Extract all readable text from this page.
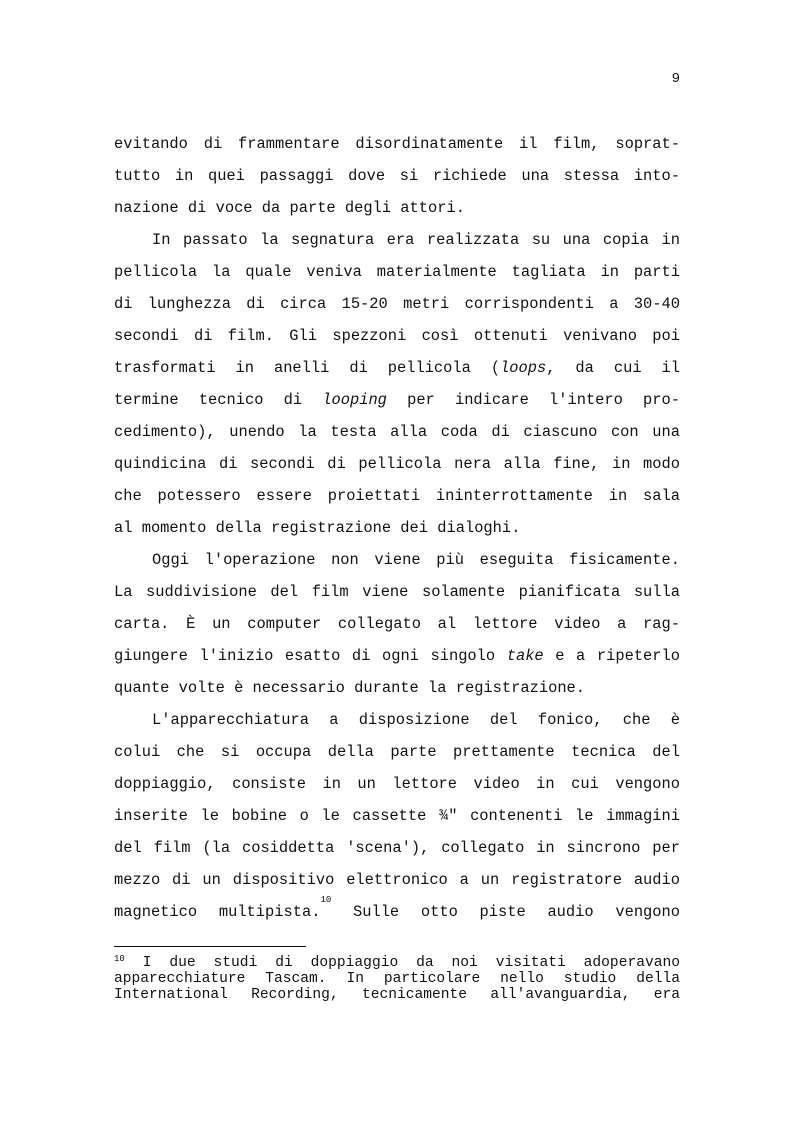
9
evitando di frammentare disordinatamente il film, soprat-
tutto in quei passaggi dove si richiede una stessa into-
nazione di voce da parte degli attori.
In passato la segnatura era realizzata su una copia in
pellicola la quale veniva materialmente tagliata in parti
di lunghezza di circa 15-20 metri corrispondenti a 30-40
secondi di film. Gli spezzoni così ottenuti venivano poi
trasformati in anelli di pellicola (loops, da cui il
termine tecnico di looping per indicare l'intero pro-
cedimento), unendo la testa alla coda di ciascuno con una
quindicina di secondi di pellicola nera alla fine, in modo
che potessero essere proiettati ininterrottamente in sala
al momento della registrazione dei dialoghi.
Oggi l'operazione non viene più eseguita fisicamente.
La suddivisione del film viene solamente pianificata sulla
carta. È un computer collegato al lettore video a rag-
giungere l'inizio esatto di ogni singolo take e a ripeterlo
quante volte è necessario durante la registrazione.
L'apparecchiatura a disposizione del fonico, che è
colui che si occupa della parte prettamente tecnica del
doppiaggio, consiste in un lettore video in cui vengono
inserite le bobine o le cassette ¾" contenenti le immagini
del film (la cosiddetta 'scena'), collegato in sincrono per
mezzo di un dispositivo elettronico a un registratore audio
magnetico multipista.$^{10}$ Sulle otto piste audio vengono
$^{10}$ I due studi di doppiaggio da noi visitati adoperavano
apparecchiature Tascam. In particolare nello studio della
International Recording, tecnicamente all'avanguardia, era
